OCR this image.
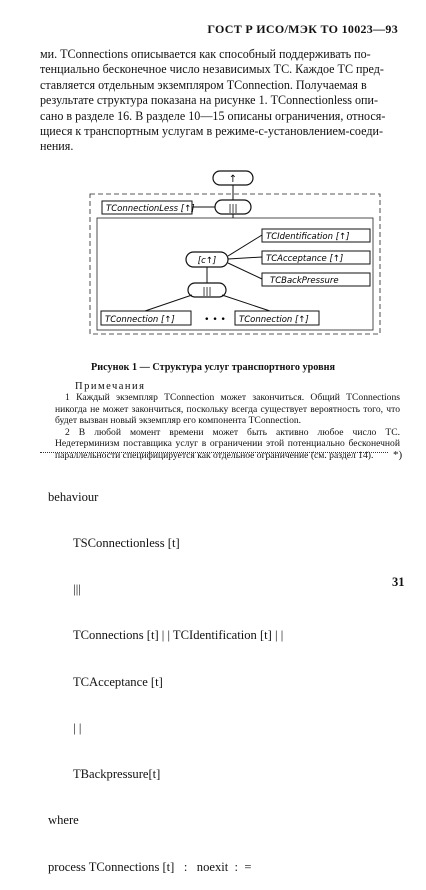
ГОСТ Р ИСО/МЭК ТО 10023—93

ми. TConnections описывается как способный поддерживать по-

тенциально бесконечное число независимых ТС. Каждое ТС пред-

ставляется отдельным экземпляром TConnection. Получаемая в

результате структура показана на рисунке 1. TConnectionless опи-

сано в разделе 16. В разделе 10—15 описаны ограничения, относя-

щиеся к транспортным услугам в режиме-с-установлением-соеди-

нения.

↑
|||
TConnectionLess [↑]
[c↑]
TCIdentification [↑]
TCAcceptance [↑]
TCBackPressure
|||
TConnection [↑]	• • • TConnection [↑]
Рисунок 1 — Структура услуг транспортного уровня
Примечания

1 Каждый экземпляр TConnection может закончиться. Общий TConnections никогда не может закончиться, поскольку всегда существует вероятность того, что будет вызван новый экземпляр его компонента TConnection.

2 В любой момент времени может быть активно любое число ТС. Недетерминизм поставщика услуг в ограничении этой потенциально бесконечной параллельности специфицируется как отдельное ограничение (см. раздел 14).	*)

behaviour

TSConnectionless [t]

|||

TConnections [t] | | TCIdentification [t] | |

TCAcceptance [t]

| |

TBackpressure[t]

where

process TConnections [t]   :   noexit  :  =

31
